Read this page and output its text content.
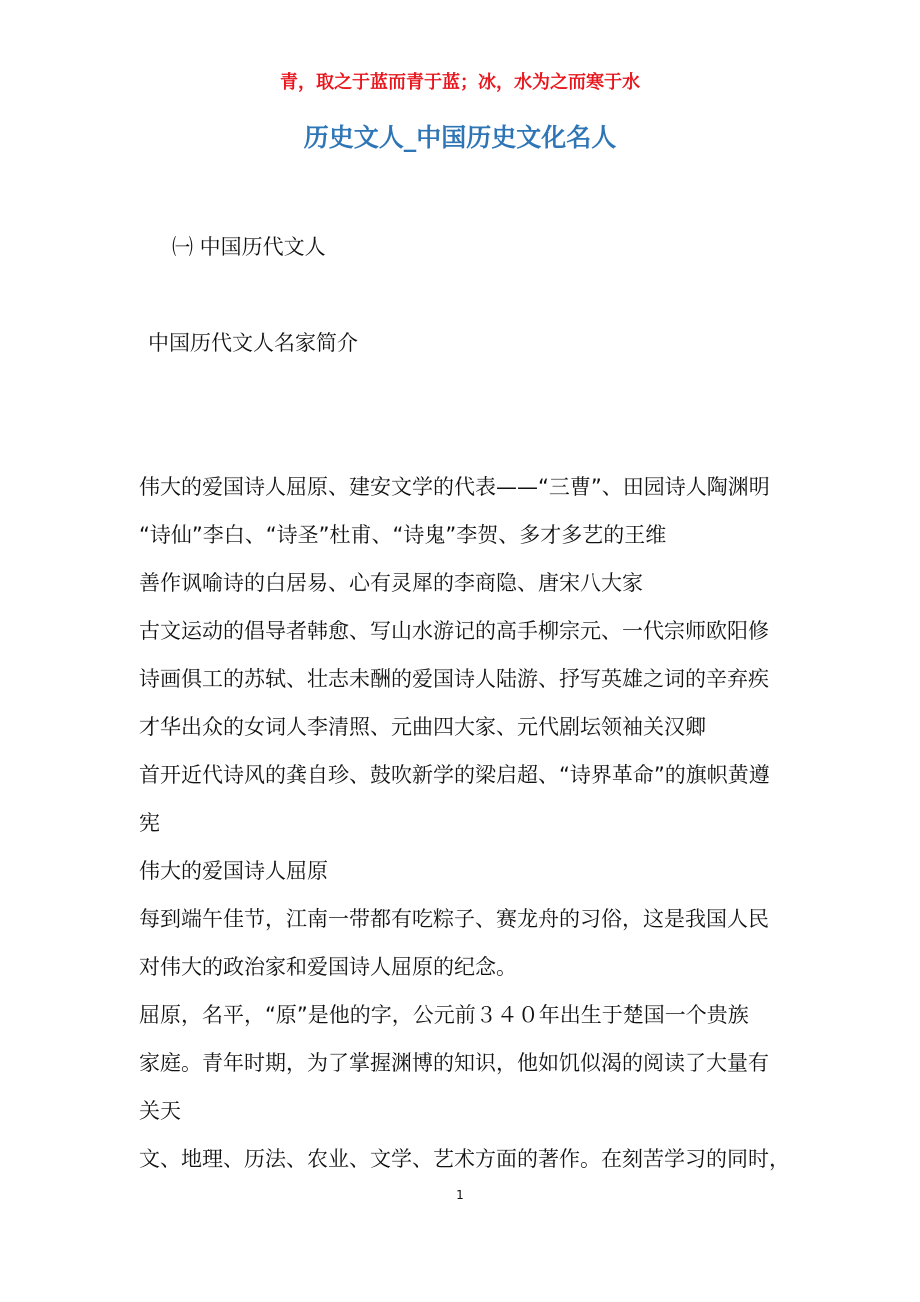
青，取之于蓝而青于蓝；冰，水为之而寒于水
历史文人_中国历史文化名人
㈠ 中国历代文人
中国历代文人名家简介
伟大的爱国诗人屈原、建安文学的代表——“三曹”、田园诗人陶渊明
“诗仙”李白、“诗圣”杜甫、“诗鬼”李贺、多才多艺的王维
善作讽喻诗的白居易、心有灵犀的李商隐、唐宋八大家
古文运动的倡导者韩愈、写山水游记的高手柳宗元、一代宗师欧阳修
诗画俱工的苏轼、壮志未酬的爱国诗人陆游、抒写英雄之词的辛弃疾
才华出众的女词人李清照、元曲四大家、元代剧坛领袖关汉卿
首开近代诗风的龚自珍、鼓吹新学的梁启超、“诗界革命”的旗帜黄遵
宪
伟大的爱国诗人屈原
每到端午佳节，江南一带都有吃粽子、赛龙舟的习俗，这是我国人民
对伟大的政治家和爱国诗人屈原的纪念。
屈原，名平，“原”是他的字，公元前３４０年出生于楚国一个贵族
家庭。青年时期，为了掌握渊博的知识，他如饥似渴的阅读了大量有
关天
文、地理、历法、农业、文学、艺术方面的著作。在刻苦学习的同时，
1
